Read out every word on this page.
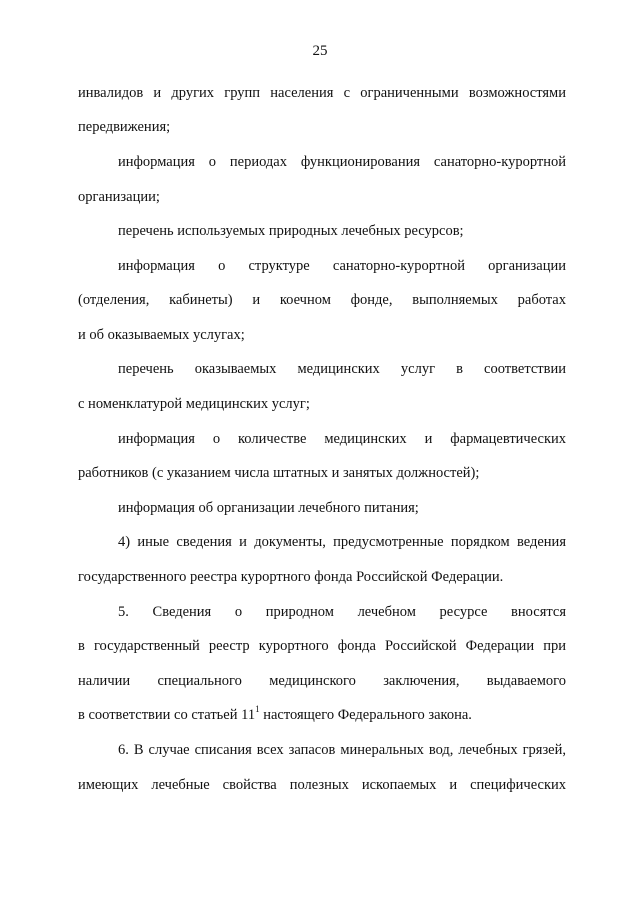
25
инвалидов и других групп населения с ограниченными возможностями
передвижения;
информация о периодах функционирования санаторно-курортной
организации;
перечень используемых природных лечебных ресурсов;
информация о структуре санаторно-курортной организации
(отделения, кабинеты) и коечном фонде, выполняемых работах
и об оказываемых услугах;
перечень оказываемых медицинских услуг в соответствии
с номенклатурой медицинских услуг;
информация о количестве медицинских и фармацевтических
работников (с указанием числа штатных и занятых должностей);
информация об организации лечебного питания;
4) иные сведения и документы, предусмотренные порядком ведения
государственного реестра курортного фонда Российской Федерации.
5. Сведения о природном лечебном ресурсе вносятся
в государственный реестр курортного фонда Российской Федерации при
наличии специального медицинского заключения, выдаваемого
в соответствии со статьей $11^1$ настоящего Федерального закона.
6. В случае списания всех запасов минеральных вод, лечебных грязей,
имеющих лечебные свойства полезных ископаемых и специфических
